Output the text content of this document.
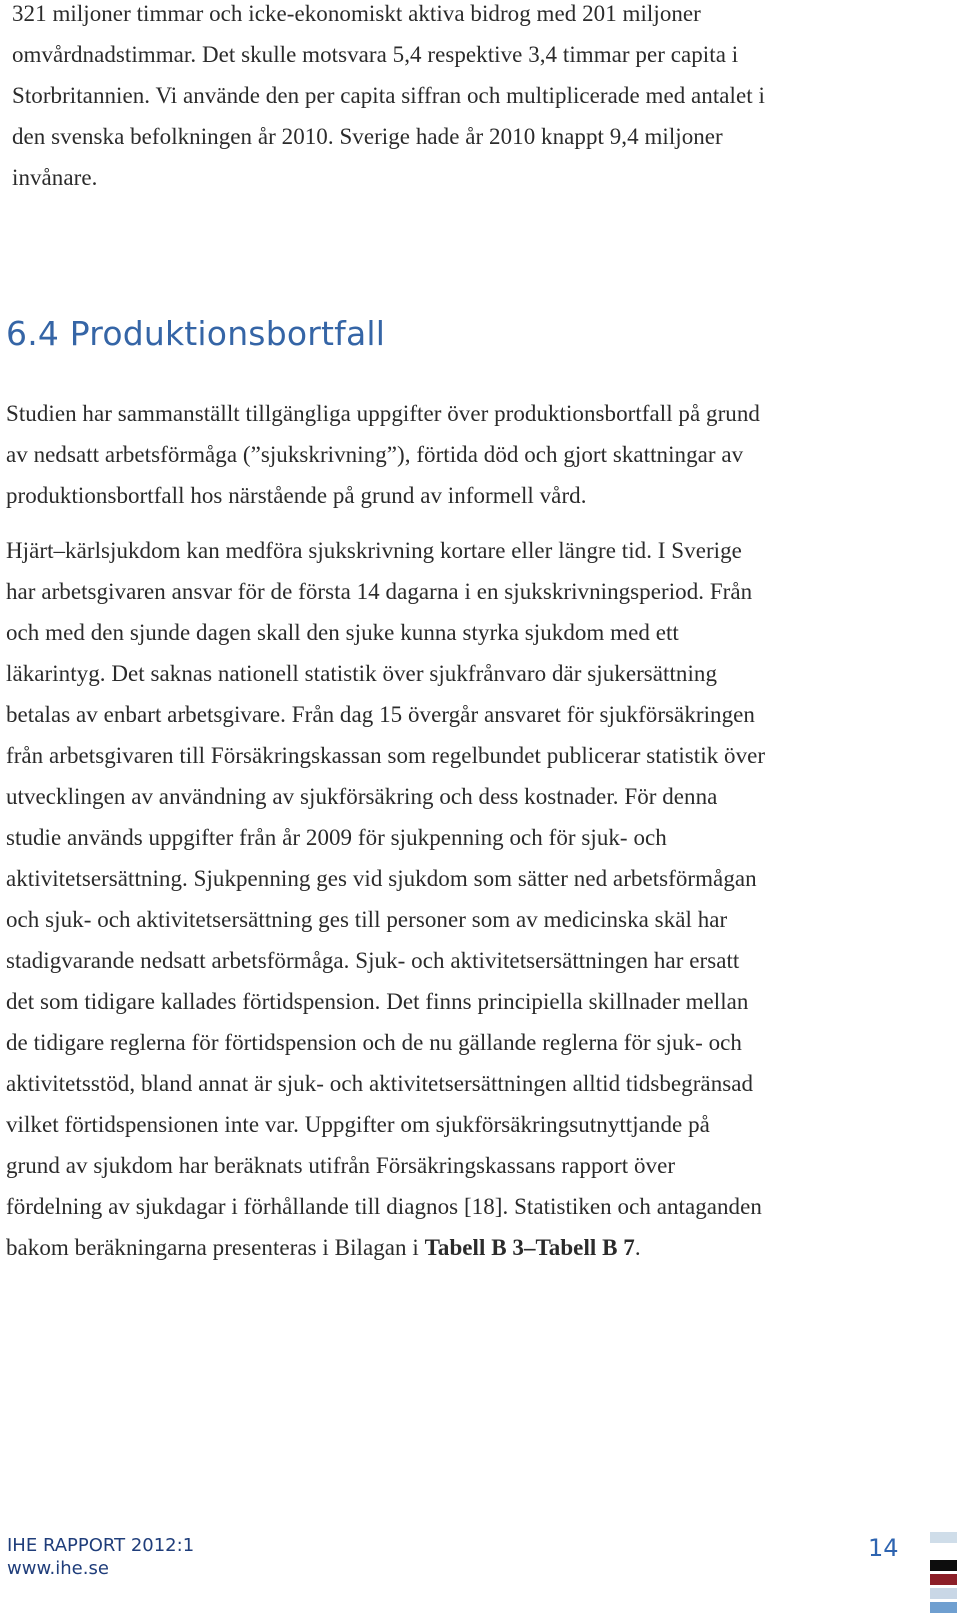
321 miljoner timmar och icke-ekonomiskt aktiva bidrog med 201 miljoner

omvårdnadstimmar. Det skulle motsvara 5,4 respektive 3,4 timmar per capita i

Storbritannien. Vi använde den per capita siffran och multiplicerade med antalet i

den svenska befolkningen år 2010. Sverige hade år 2010 knappt 9,4 miljoner

invånare.

6.4 Produktionsbortfall

Studien har sammanställt tillgängliga uppgifter över produktionsbortfall på grund

av nedsatt arbetsförmåga (”sjukskrivning”), förtida död och gjort skattningar av

produktionsbortfall hos närstående på grund av informell vård.

Hjärt–kärlsjukdom kan medföra sjukskrivning kortare eller längre tid. I Sverige

har arbetsgivaren ansvar för de första 14 dagarna i en sjukskrivningsperiod. Från

och med den sjunde dagen skall den sjuke kunna styrka sjukdom med ett

läkarintyg. Det saknas nationell statistik över sjukfrånvaro där sjukersättning

betalas av enbart arbetsgivare. Från dag 15 övergår ansvaret för sjukförsäkringen

från arbetsgivaren till Försäkringskassan som regelbundet publicerar statistik över

utvecklingen av användning av sjukförsäkring och dess kostnader. För denna

studie används uppgifter från år 2009 för sjukpenning och för sjuk- och

aktivitetsersättning. Sjukpenning ges vid sjukdom som sätter ned arbetsförmågan

och sjuk- och aktivitetsersättning ges till personer som av medicinska skäl har

stadigvarande nedsatt arbetsförmåga. Sjuk- och aktivitetsersättningen har ersatt

det som tidigare kallades förtidspension. Det finns principiella skillnader mellan

de tidigare reglerna för förtidspension och de nu gällande reglerna för sjuk- och

aktivitetsstöd, bland annat är sjuk- och aktivitetsersättningen alltid tidsbegränsad

vilket förtidspensionen inte var. Uppgifter om sjukförsäkringsutnyttjande på

grund av sjukdom har beräknats utifrån Försäkringskassans rapport över

fördelning av sjukdagar i förhållande till diagnos [18]. Statistiken och antaganden

bakom beräkningarna presenteras i Bilagan i Tabell B 3–Tabell B 7.

IHE RAPPORT 2012:1
www.ihe.se
14
